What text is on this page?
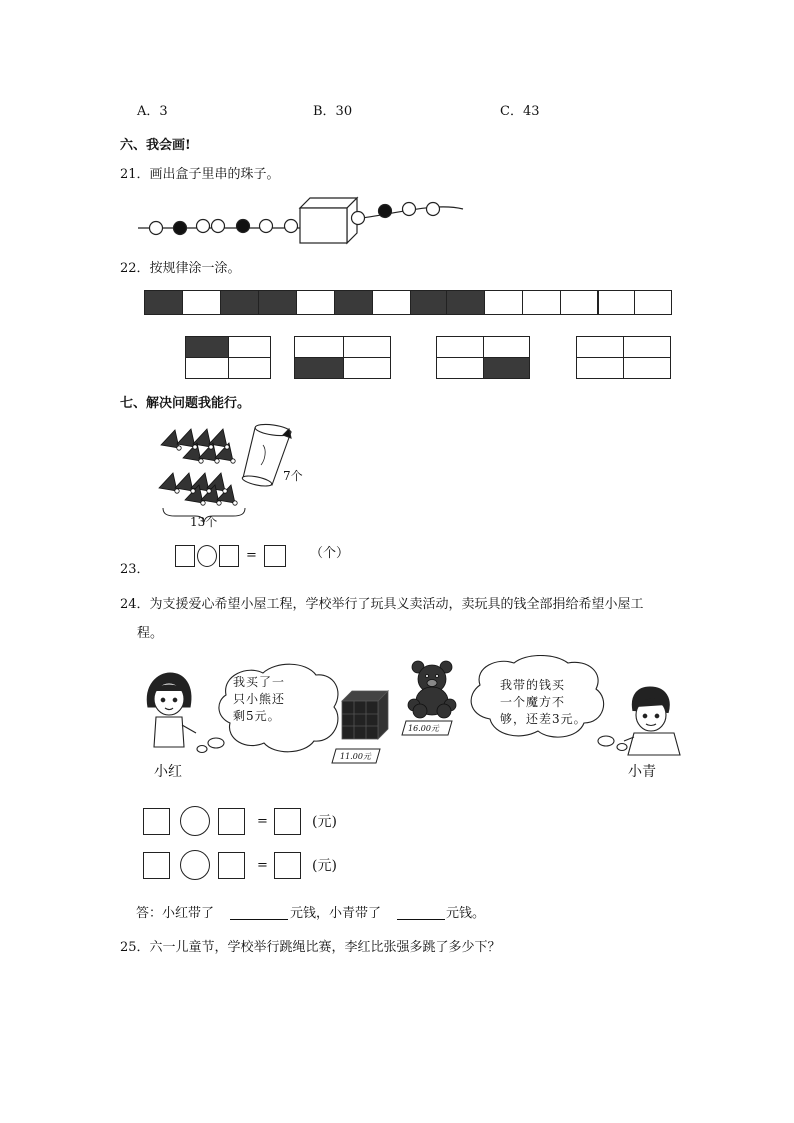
A．3	B．30	C．43
六、我会画!
21．画出盒子里串的珠子。
22．按规律涂一涂。
七、解决问题我能行。
7个
13个
23．
=	（个）
24．为支援爱心希望小屋工程，学校举行了玩具义卖活动，卖玩具的钱全部捐给希望小屋工
程。
我买了一
只小熊还
剩5元。
我带的钱买
一个魔方不
够，还差3元。
11.00元
16.00元
小红	小青
=	(元)
=	(元)
答：小红带了	元钱，小青带了	元钱。
25．六一儿童节，学校举行跳绳比赛，李红比张强多跳了多少下？
